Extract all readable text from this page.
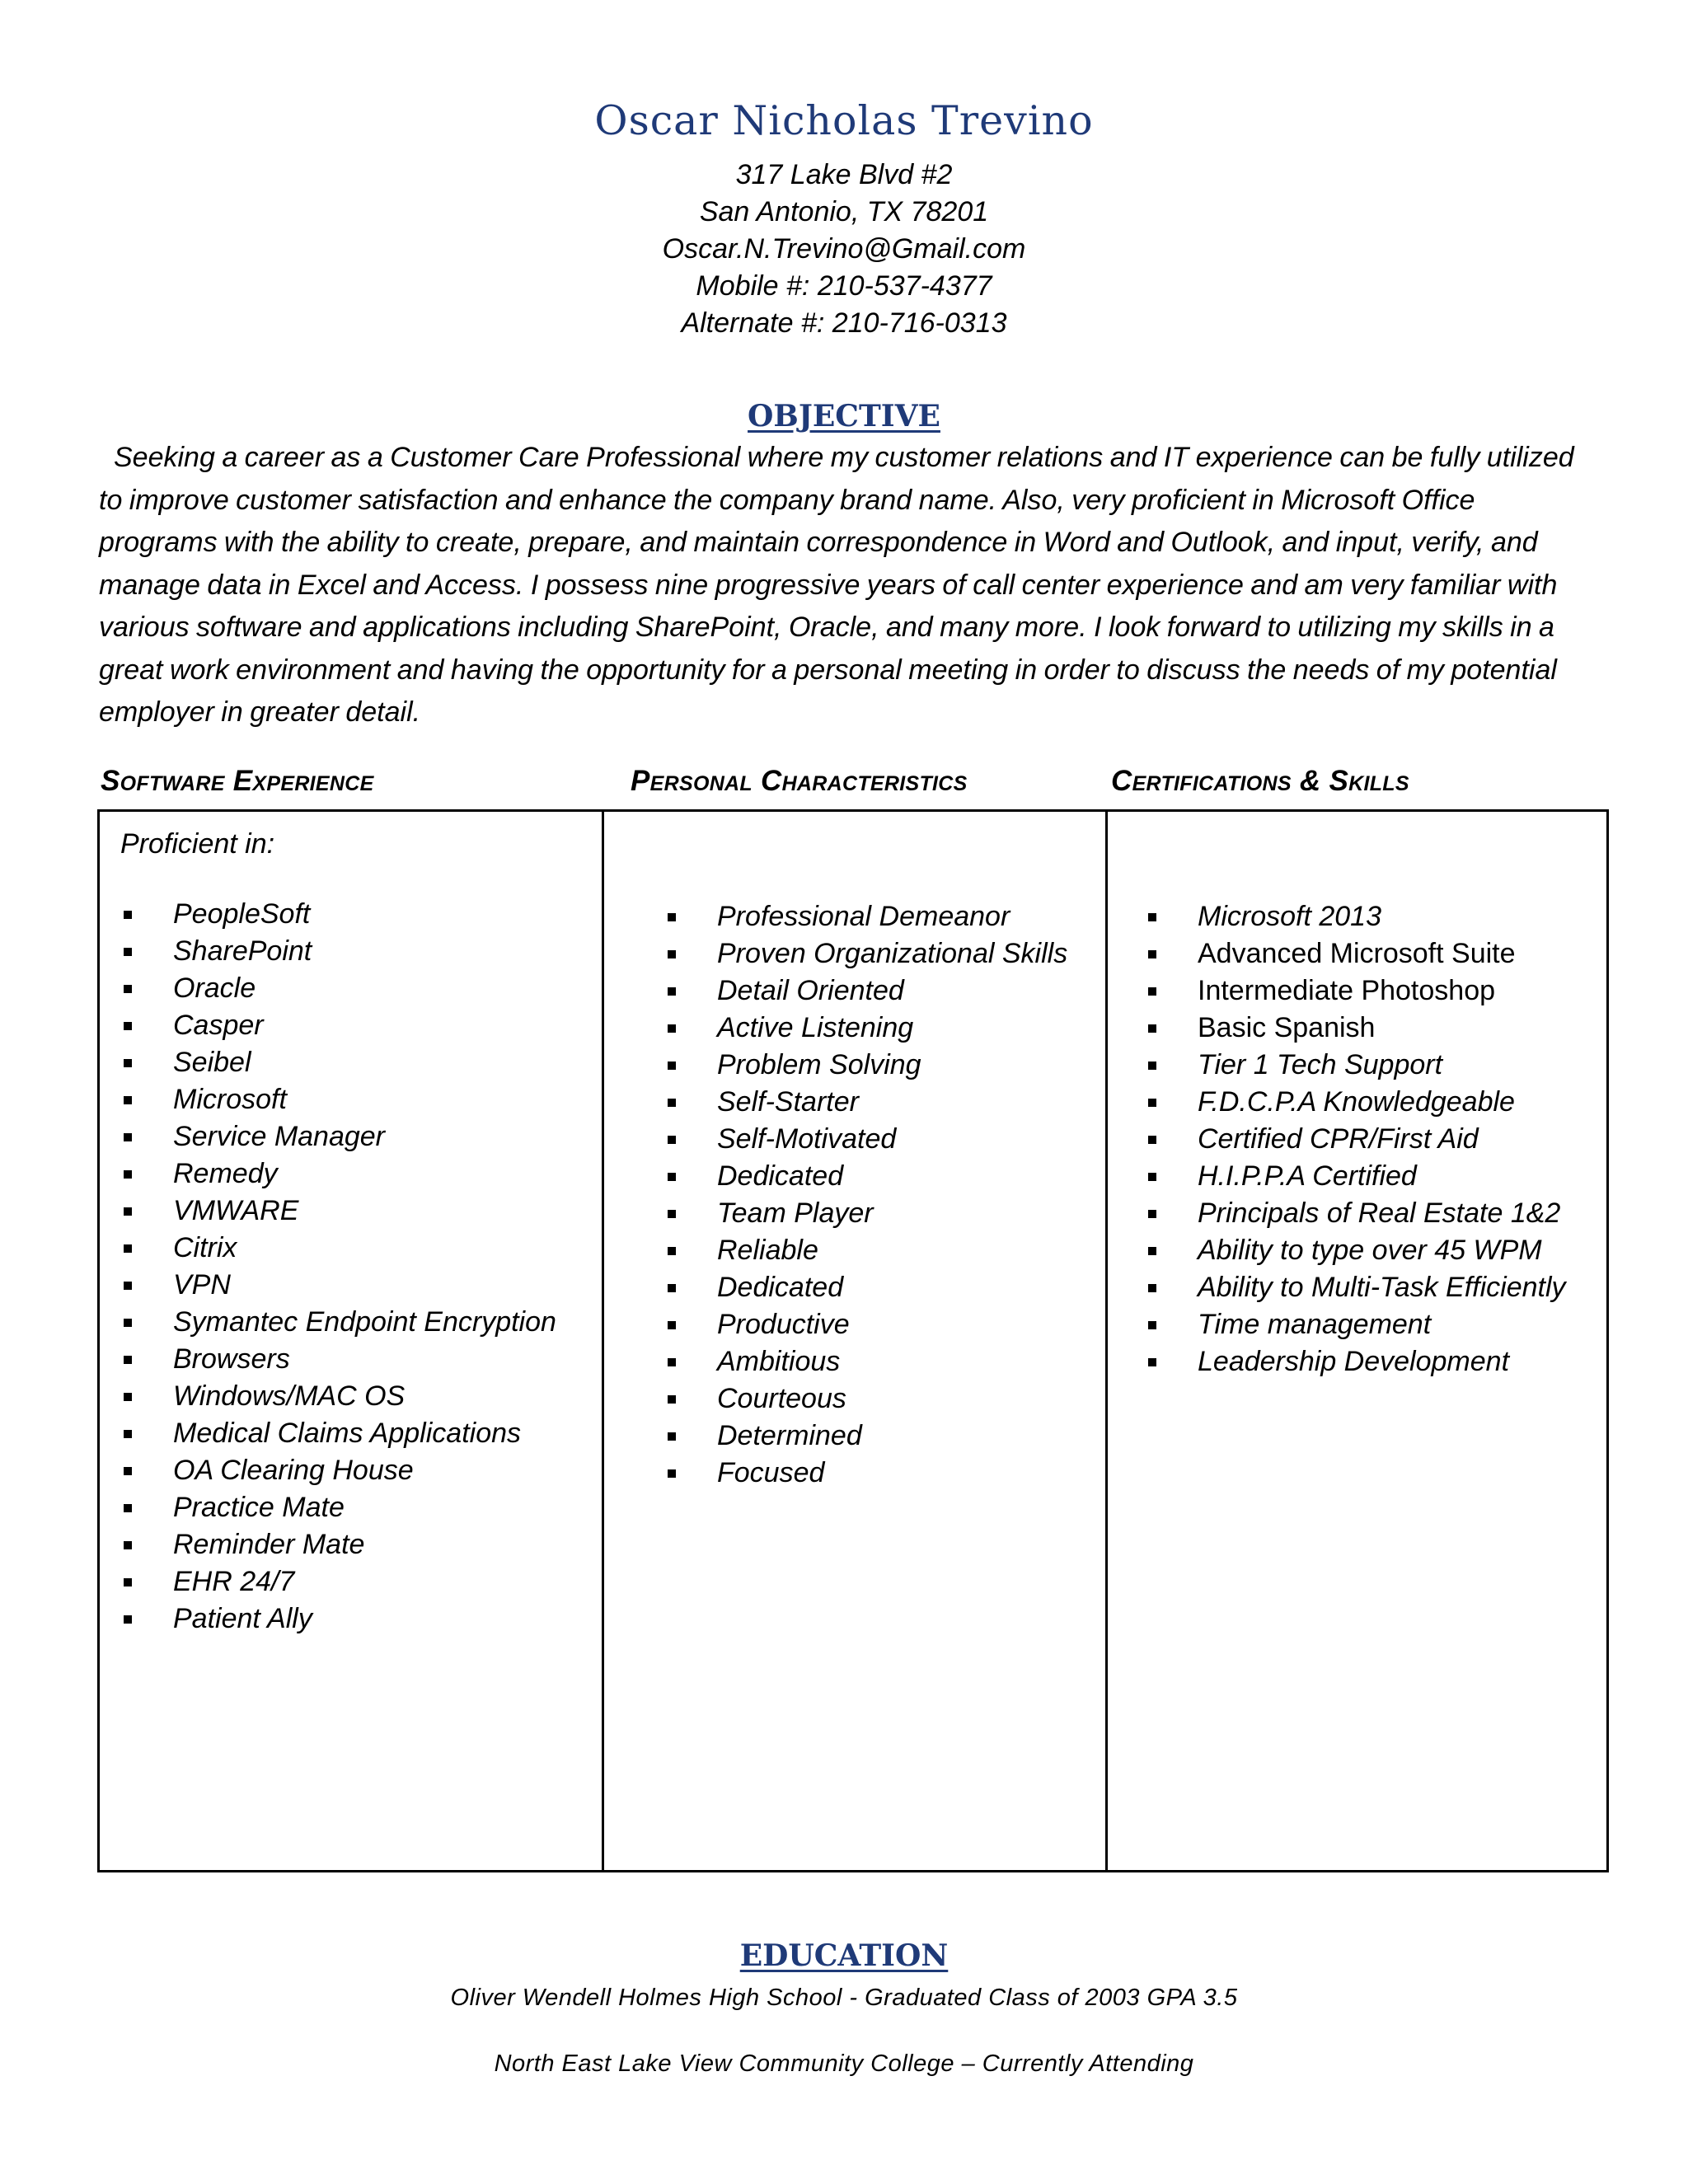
Oscar Nicholas Trevino
317 Lake Blvd #2
San Antonio, TX 78201
Oscar.N.Trevino@Gmail.com
Mobile #: 210-537-4377
Alternate #: 210-716-0313
OBJECTIVE
Seeking a career as a Customer Care Professional where my customer relations and IT experience can be fully utilized to improve customer satisfaction and enhance the company brand name. Also, very proficient in Microsoft Office programs with the ability to create, prepare, and maintain correspondence in Word and Outlook, and input, verify, and manage data in Excel and Access. I possess nine progressive years of call center experience and am very familiar with various software and applications including SharePoint, Oracle, and many more. I look forward to utilizing my skills in a great work environment and having the opportunity for a personal meeting in order to discuss the needs of my potential employer in greater detail.
Software Experience	Personal Characteristics	Certifications & Skills
Proficient in:
PeopleSoft
SharePoint
Oracle
Casper
Seibel
Microsoft
Service Manager
Remedy
VMWARE
Citrix
VPN
Symantec Endpoint Encryption
Browsers
Windows/MAC OS
Medical Claims Applications
OA Clearing House
Practice Mate
Reminder Mate
EHR 24/7
Patient Ally
Professional Demeanor
Proven Organizational Skills
Detail Oriented
Active Listening
Problem Solving
Self-Starter
Self-Motivated
Dedicated
Team Player
Reliable
Dedicated
Productive
Ambitious
Courteous
Determined
Focused
Microsoft 2013
Advanced Microsoft Suite
Intermediate Photoshop
Basic Spanish
Tier 1 Tech Support
F.D.C.P.A Knowledgeable
Certified CPR/First Aid
H.I.P.P.A Certified
Principals of Real Estate 1&2
Ability to type over 45 WPM
Ability to Multi-Task Efficiently
Time management
Leadership Development
EDUCATION
Oliver Wendell Holmes High School - Graduated Class of 2003 GPA 3.5
North East Lake View Community College – Currently Attending
